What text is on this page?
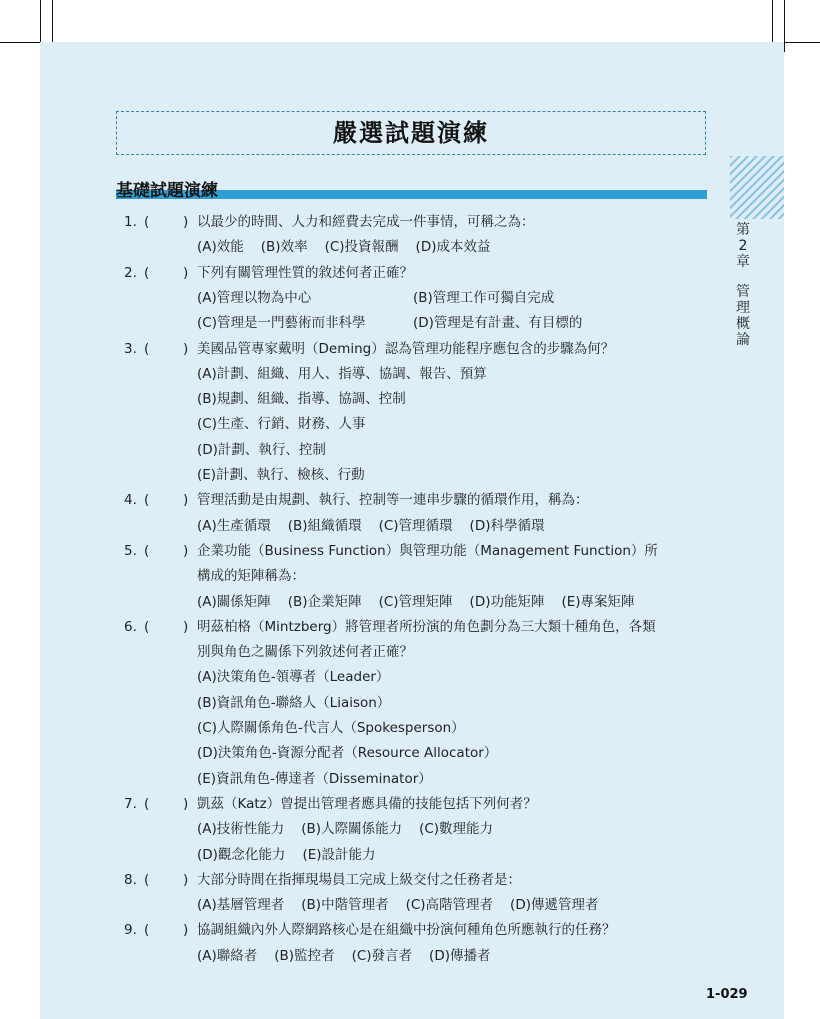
嚴選試題演練
基礎試題演練
第
2
章
管
理
概
論
1. ( ) 以最少的時間、人力和經費去完成一件事情，可稱之為：
(A)效能 (B)效率 (C)投資報酬 (D)成本效益
2. ( ) 下列有關管理性質的敘述何者正確？
(A)管理以物為中心	(B)管理工作可獨自完成
(C)管理是一門藝術而非科學	(D)管理是有計畫、有目標的
3. ( ) 美國品管專家戴明（Deming）認為管理功能程序應包含的步驟為何？
(A)計劃、組織、用人、指導、協調、報告、預算
(B)規劃、組織、指導、協調、控制
(C)生產、行銷、財務、人事
(D)計劃、執行、控制
(E)計劃、執行、檢核、行動
4. ( ) 管理活動是由規劃、執行、控制等一連串步驟的循環作用，稱為：
(A)生產循環 (B)組織循環 (C)管理循環 (D)科學循環
5. ( ) 企業功能（Business Function）與管理功能（Management Function）所
構成的矩陣稱為：
(A)關係矩陣 (B)企業矩陣 (C)管理矩陣 (D)功能矩陣 (E)專案矩陣
6. ( ) 明茲柏格（Mintzberg）將管理者所扮演的角色劃分為三大類十種角色，各類
別與角色之關係下列敘述何者正確？
(A)決策角色-領導者（Leader）
(B)資訊角色-聯絡人（Liaison）
(C)人際關係角色-代言人（Spokesperson）
(D)決策角色-資源分配者（Resource Allocator）
(E)資訊角色-傳達者（Disseminator）
7. ( ) 凱茲（Katz）曾提出管理者應具備的技能包括下列何者？
(A)技術性能力 (B)人際關係能力 (C)數理能力
(D)觀念化能力 (E)設計能力
8. ( ) 大部分時間在指揮現場員工完成上級交付之任務者是：
(A)基層管理者 (B)中階管理者 (C)高階管理者 (D)傳遞管理者
9. ( ) 協調組織內外人際網路核心是在組織中扮演何種角色所應執行的任務？
(A)聯絡者 (B)監控者 (C)發言者 (D)傳播者
1-029
